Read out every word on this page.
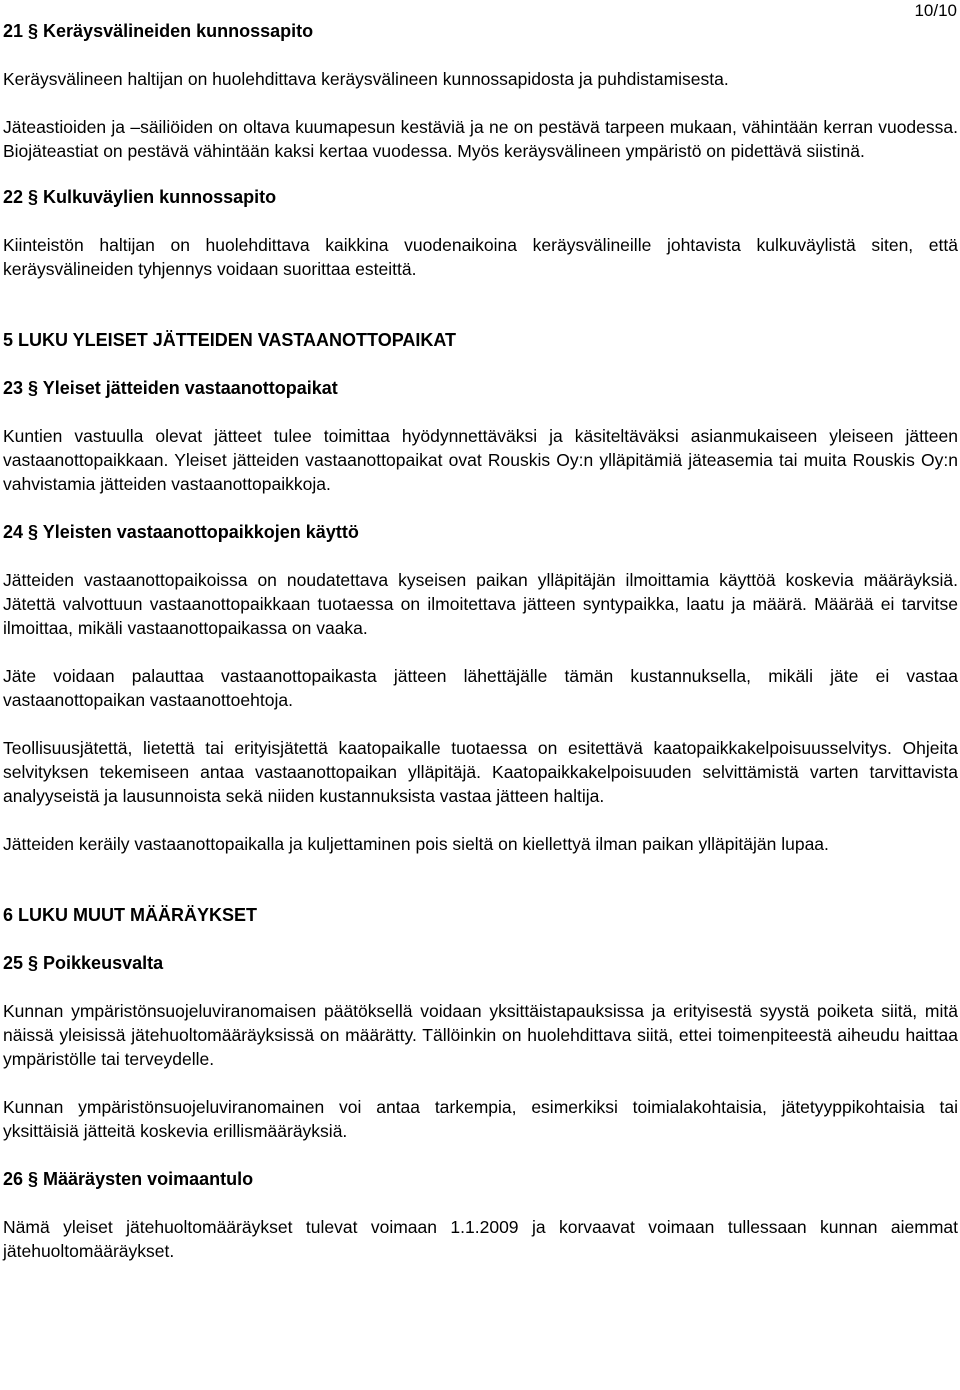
10/10
21 § Keräysvälineiden kunnossapito

Keräysvälineen haltijan on huolehdittava keräysvälineen kunnossapidosta ja puhdistamisesta.

Jäteastioiden ja –säiliöiden on oltava kuumapesun kestäviä ja ne on pestävä tarpeen mukaan, vähintään kerran vuodessa. Biojäteastiat on pestävä vähintään kaksi kertaa vuodessa. Myös keräysvälineen ympäristö on pidettävä siistinä.

22 § Kulkuväylien kunnossapito

Kiinteistön haltijan on huolehdittava kaikkina vuodenaikoina keräysvälineille johtavista kulkuväylistä siten, että keräysvälineiden tyhjennys voidaan suorittaa esteittä.

5 LUKU YLEISET JÄTTEIDEN VASTAANOTTOPAIKAT
23 § Yleiset jätteiden vastaanottopaikat

Kuntien vastuulla olevat jätteet tulee toimittaa hyödynnettäväksi ja käsiteltäväksi asianmukaiseen yleiseen jätteen vastaanottopaikkaan. Yleiset jätteiden vastaanottopaikat ovat Rouskis Oy:n ylläpitämiä jäteasemia tai muita Rouskis Oy:n vahvistamia jätteiden vastaanottopaikkoja.

24 § Yleisten vastaanottopaikkojen käyttö

Jätteiden vastaanottopaikoissa on noudatettava kyseisen paikan ylläpitäjän ilmoittamia käyttöä koskevia määräyksiä. Jätettä valvottuun vastaanottopaikkaan tuotaessa on ilmoitettava jätteen syntypaikka, laatu ja määrä. Määrää ei tarvitse ilmoittaa, mikäli vastaanottopaikassa on vaaka.

Jäte voidaan palauttaa vastaanottopaikasta jätteen lähettäjälle tämän kustannuksella, mikäli jäte ei vastaa vastaanottopaikan vastaanottoehtoja.

Teollisuusjätettä, lietettä tai erityisjätettä kaatopaikalle tuotaessa on esitettävä kaatopaikkakelpoisuusselvitys. Ohjeita selvityksen tekemiseen antaa vastaanottopaikan ylläpitäjä. Kaatopaikkakelpoisuuden selvittämistä varten tarvittavista analyyseistä ja lausunnoista sekä niiden kustannuksista vastaa jätteen haltija.

Jätteiden keräily vastaanottopaikalla ja kuljettaminen pois sieltä on kiellettyä ilman paikan ylläpitäjän lupaa.

6 LUKU MUUT MÄÄRÄYKSET
25 § Poikkeusvalta

Kunnan ympäristönsuojeluviranomaisen päätöksellä voidaan yksittäistapauksissa ja erityisestä syystä poiketa siitä, mitä näissä yleisissä jätehuoltomääräyksissä on määrätty. Tällöinkin on huolehdittava siitä, ettei toimenpiteestä aiheudu haittaa ympäristölle tai terveydelle.

Kunnan ympäristönsuojeluviranomainen voi antaa tarkempia, esimerkiksi toimialakohtaisia, jätetyyppikohtaisia tai yksittäisiä jätteitä koskevia erillismääräyksiä.

26 § Määräysten voimaantulo

Nämä yleiset jätehuoltomääräykset tulevat voimaan 1.1.2009 ja korvaavat voimaan tullessaan kunnan aiemmat jätehuoltomääräykset.
